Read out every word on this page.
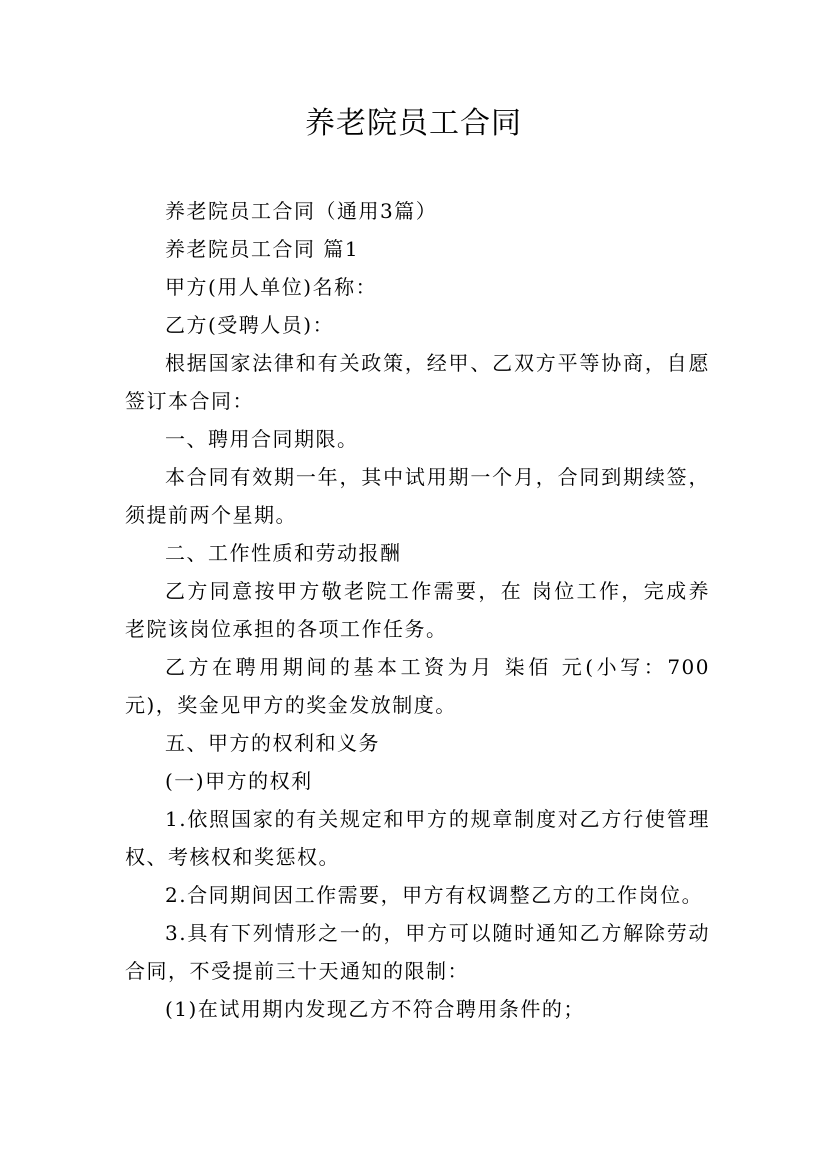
养老院员工合同

养老院员工合同（通用3篇）

养老院员工合同 篇1

甲方(用人单位)名称：

乙方(受聘人员)：

根据国家法律和有关政策，经甲、乙双方平等协商，自愿签订本合同：

一、聘用合同期限。

本合同有效期一年，其中试用期一个月，合同到期续签，须提前两个星期。

二、工作性质和劳动报酬

乙方同意按甲方敬老院工作需要，在 岗位工作，完成养老院该岗位承担的各项工作任务。

乙方在聘用期间的基本工资为月 柒佰 元(小写：700元)，奖金见甲方的奖金发放制度。

五、甲方的权利和义务

(一)甲方的权利

1.依照国家的有关规定和甲方的规章制度对乙方行使管理权、考核权和奖惩权。

2.合同期间因工作需要，甲方有权调整乙方的工作岗位。

3.具有下列情形之一的，甲方可以随时通知乙方解除劳动合同，不受提前三十天通知的限制：

(1)在试用期内发现乙方不符合聘用条件的；
